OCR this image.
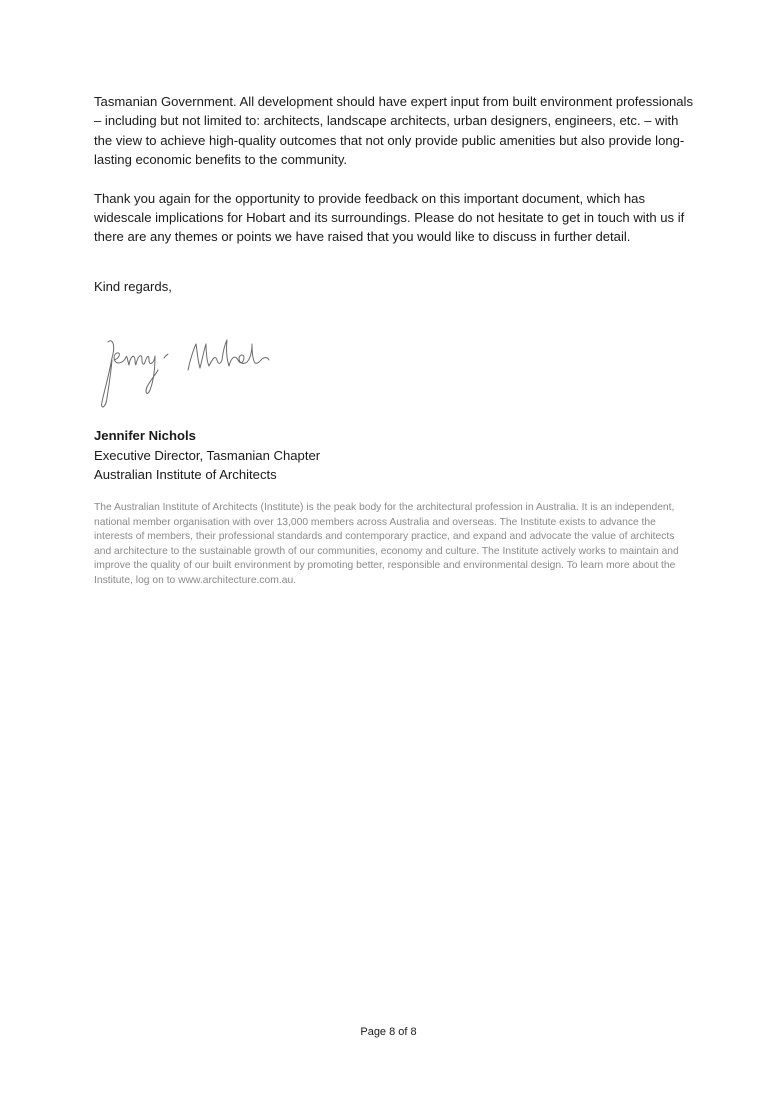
Tasmanian Government. All development should have expert input from built environment professionals – including but not limited to: architects, landscape architects, urban designers, engineers, etc. – with the view to achieve high-quality outcomes that not only provide public amenities but also provide long-lasting economic benefits to the community.

Thank you again for the opportunity to provide feedback on this important document, which has widescale implications for Hobart and its surroundings. Please do not hesitate to get in touch with us if there are any themes or points we have raised that you would like to discuss in further detail.

Kind regards,

Jennifer Nichols
Executive Director, Tasmanian Chapter
Australian Institute of Architects

The Australian Institute of Architects (Institute) is the peak body for the architectural profession in Australia. It is an independent, national member organisation with over 13,000 members across Australia and overseas. The Institute exists to advance the interests of members, their professional standards and contemporary practice, and expand and advocate the value of architects and architecture to the sustainable growth of our communities, economy and culture. The Institute actively works to maintain and improve the quality of our built environment by promoting better, responsible and environmental design. To learn more about the Institute, log on to www.architecture.com.au.

Page 8 of 8
